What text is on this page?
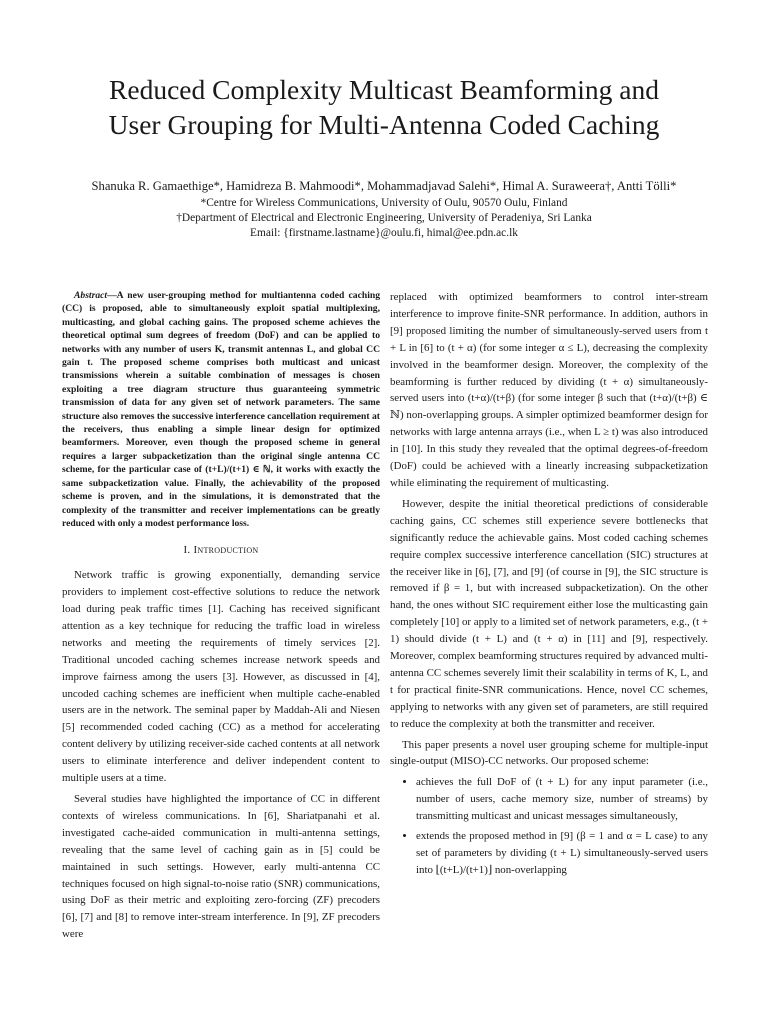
Reduced Complexity Multicast Beamforming and
User Grouping for Multi-Antenna Coded Caching
Shanuka R. Gamaethige*, Hamidreza B. Mahmoodi*, Mohammadjavad Salehi*, Himal A. Suraweera†, Antti Tölli*
*Centre for Wireless Communications, University of Oulu, 90570 Oulu, Finland
†Department of Electrical and Electronic Engineering, University of Peradeniya, Sri Lanka
Email: {firstname.lastname}@oulu.fi, himal@ee.pdn.ac.lk

Abstract—A new user-grouping method for multiantenna coded caching (CC) is proposed, able to simultaneously exploit spatial multiplexing, multicasting, and global caching gains. The proposed scheme achieves the theoretical optimal sum degrees of freedom (DoF) and can be applied to networks with any number of users K, transmit antennas L, and global CC gain t. The proposed scheme comprises both multicast and unicast transmissions wherein a suitable combination of messages is chosen exploiting a tree diagram structure thus guaranteeing symmetric transmission of data for any given set of network parameters. The same structure also removes the successive interference cancellation requirement at the receivers, thus enabling a simple linear design for optimized beamformers. Moreover, even though the proposed scheme in general requires a larger subpacketization than the original single antenna CC scheme, for the particular case of (t+L)/(t+1) ∈ ℕ, it works with exactly the same subpacketization value. Finally, the achievability of the proposed scheme is proven, and in the simulations, it is demonstrated that the complexity of the transmitter and receiver implementations can be greatly reduced with only a modest performance loss.

I. Introduction

Network traffic is growing exponentially, demanding service providers to implement cost-effective solutions to reduce the network load during peak traffic times [1]. Caching has received significant attention as a key technique for reducing the traffic load in wireless networks and meeting the requirements of timely services [2]. Traditional uncoded caching schemes increase network speeds and improve fairness among the users [3]. However, as discussed in [4], uncoded caching schemes are inefficient when multiple cache-enabled users are in the network. The seminal paper by Maddah-Ali and Niesen [5] recommended coded caching (CC) as a method for accelerating content delivery by utilizing receiver-side cached contents at all network users to eliminate interference and deliver independent content to multiple users at a time.

Several studies have highlighted the importance of CC in different contexts of wireless communications. In [6], Shariatpanahi et al. investigated cache-aided communication in multi-antenna settings, revealing that the same level of caching gain as in [5] could be maintained in such settings. However, early multi-antenna CC techniques focused on high signal-to-noise ratio (SNR) communications, using DoF as their metric and exploiting zero-forcing (ZF) precoders [6], [7] and [8] to remove inter-stream interference. In [9], ZF precoders were

replaced with optimized beamformers to control inter-stream interference to improve finite-SNR performance. In addition, authors in [9] proposed limiting the number of simultaneously-served users from t + L in [6] to (t + α) (for some integer α ≤ L), decreasing the complexity involved in the beamformer design. Moreover, the complexity of the beamforming is further reduced by dividing (t + α) simultaneously-served users into (t+α)/(t+β) (for some integer β such that (t+α)/(t+β) ∈ ℕ) non-overlapping groups. A simpler optimized beamformer design for networks with large antenna arrays (i.e., when L ≥ t) was also introduced in [10]. In this study they revealed that the optimal degrees-of-freedom (DoF) could be achieved with a linearly increasing subpacketization while eliminating the requirement of multicasting.

However, despite the initial theoretical predictions of considerable caching gains, CC schemes still experience severe bottlenecks that significantly reduce the achievable gains. Most coded caching schemes require complex successive interference cancellation (SIC) structures at the receiver like in [6], [7], and [9] (of course in [9], the SIC structure is removed if β = 1, but with increased subpacketization). On the other hand, the ones without SIC requirement either lose the multicasting gain completely [10] or apply to a limited set of network parameters, e.g., (t + 1) should divide (t + L) and (t + α) in [11] and [9], respectively. Moreover, complex beamforming structures required by advanced multi-antenna CC schemes severely limit their scalability in terms of K, L, and t for practical finite-SNR communications. Hence, novel CC schemes, applying to networks with any given set of parameters, are still required to reduce the complexity at both the transmitter and receiver.

This paper presents a novel user grouping scheme for multiple-input single-output (MISO)-CC networks. Our proposed scheme:

• achieves the full DoF of (t + L) for any input parameter (i.e., number of users, cache memory size, number of streams) by transmitting multicast and unicast messages simultaneously,
• extends the proposed method in [9] (β = 1 and α = L case) to any set of parameters by dividing (t + L) simultaneously-served users into ⌊(t+L)/(t+1)⌋ non-overlapping
